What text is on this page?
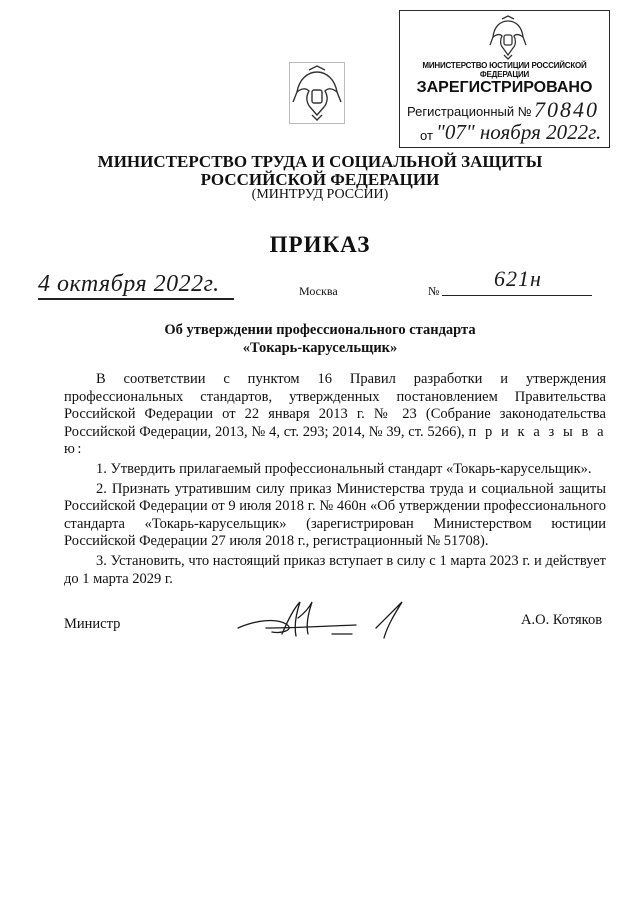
МИНИСТЕРСТВО ЮСТИЦИИ РОССИЙСКОЙ ФЕДЕРАЦИИ
ЗАРЕГИСТРИРОВАНО
Регистрационный № 70840
от "07" ноября 2022г.
МИНИСТЕРСТВО ТРУДА И СОЦИАЛЬНОЙ ЗАЩИТЫ
РОССИЙСКОЙ ФЕДЕРАЦИИ
(МИНТРУД РОССИИ)
ПРИКАЗ
4 октября 2022г.	Москва	№ 621н
Об утверждении профессионального стандарта
«Токарь-карусельщик»

В соответствии с пунктом 16 Правил разработки и утверждения профессиональных стандартов, утвержденных постановлением Правительства Российской Федерации от 22 января 2013 г. № 23 (Собрание законодательства Российской Федерации, 2013, № 4, ст. 293; 2014, № 39, ст. 5266), п р и к а з ы в а ю:

1. Утвердить прилагаемый профессиональный стандарт «Токарь-карусельщик».

2. Признать утратившим силу приказ Министерства труда и социальной защиты Российской Федерации от 9 июля 2018 г. № 460н «Об утверждении профессионального стандарта «Токарь-карусельщик» (зарегистрирован Министерством юстиции Российской Федерации 27 июля 2018 г., регистрационный № 51708).

3. Установить, что настоящий приказ вступает в силу с 1 марта 2023 г. и действует до 1 марта 2029 г.

Министр	А.О. Котяков
